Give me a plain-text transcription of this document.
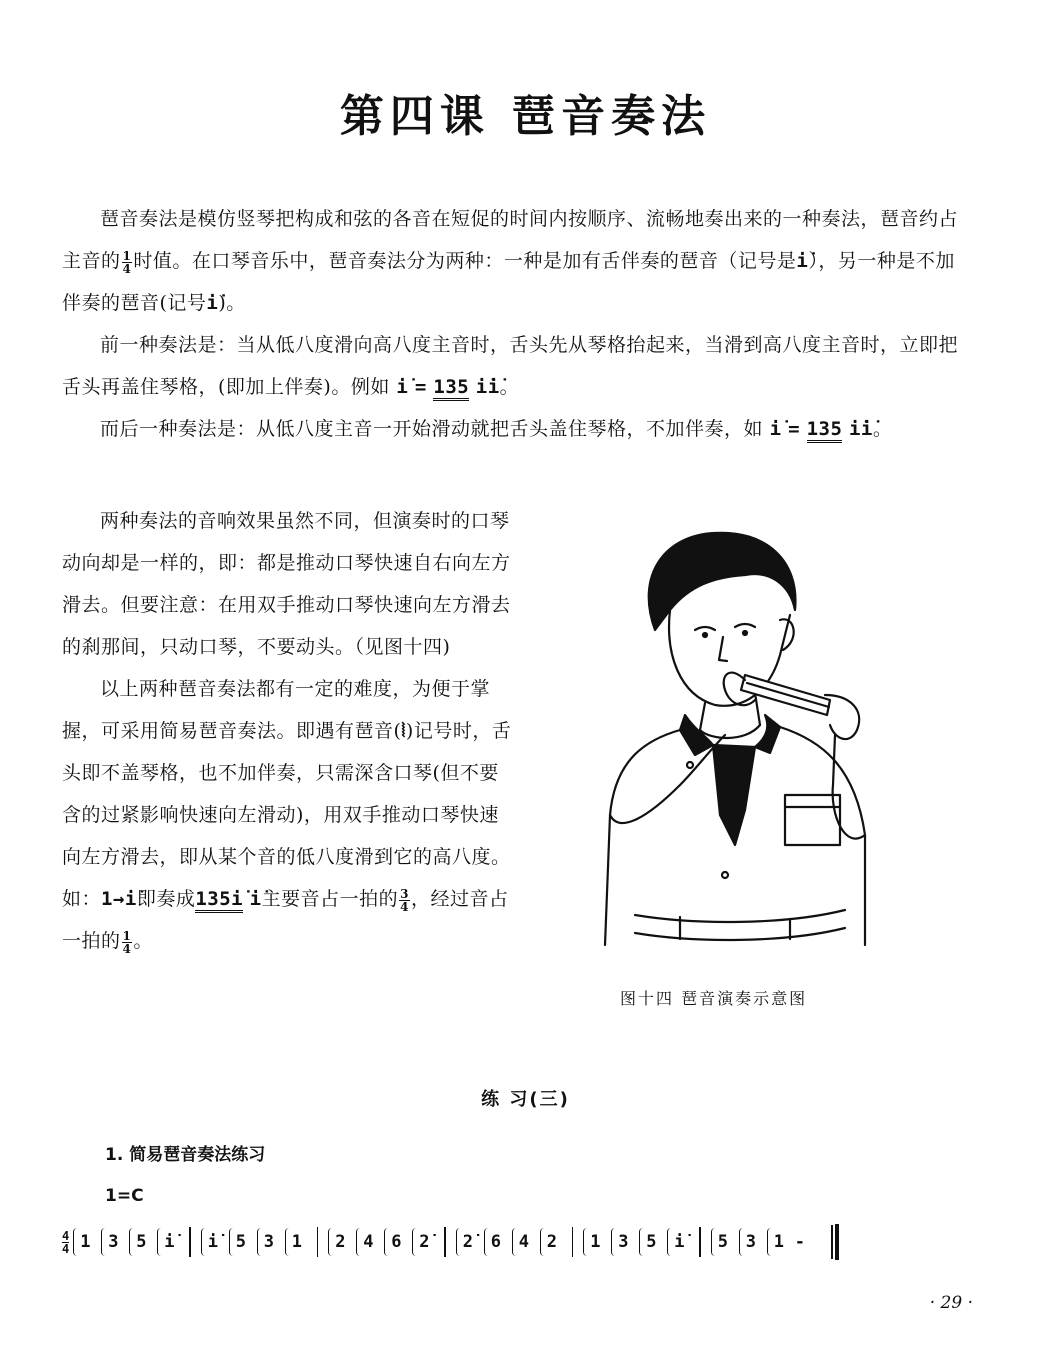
第四课 琶音奏法

琶音奏法是模仿竖琴把构成和弦的各音在短促的时间内按顺序、流畅地奏出来的一种奏法，琶音约占主音的 $\frac{1}{4}$ 时值。在口琴音乐中，琶音奏法分为两种：一种是加有舌伴奏的琶音（记号是i̇），另一种是不加伴奏的琶音(记号i̇)。

前一种奏法是：当从低八度滑向高八度主音时，舌头先从琴格抬起来，当滑到高八度主音时，立即把舌头再盖住琴格，(即加上伴奏)。例如 i̇ = 135 i̇i̇。

而后一种奏法是：从低八度主音一开始滑动就把舌头盖住琴格，不加伴奏，如 i̇ = 135 i̇i̇。

两种奏法的音响效果虽然不同，但演奏时的口琴动向却是一样的，即：都是推动口琴快速自右向左方滑去。但要注意：在用双手推动口琴快速向左方滑去的刹那间，只动口琴，不要动头。（见图十四)

以上两种琶音奏法都有一定的难度，为便于掌握，可采用简易琶音奏法。即遇有琶音(⦚)记号时，舌头即不盖琴格，也不加伴奏，只需深含口琴(但不要含的过紧影响快速向左滑动)，用双手推动口琴快速向左方滑去，即从某个音的低八度滑到它的高八度。如：1→i̇即奏成135i̇ i̇主要音占一拍的 $\frac{3}{4}$ ，经过音占一拍的 $\frac{1}{4}$ 。

图十四 琶音演奏示意图
练 习(三)
1. 简易琶音奏法练习
1=C
4
4 1 3 5 i̇ i̇ 5 3 1 2 4 6 2̇ 2̇ 6 4 2 1 3 5 i̇ 5 3 1 -
· 29 ·
